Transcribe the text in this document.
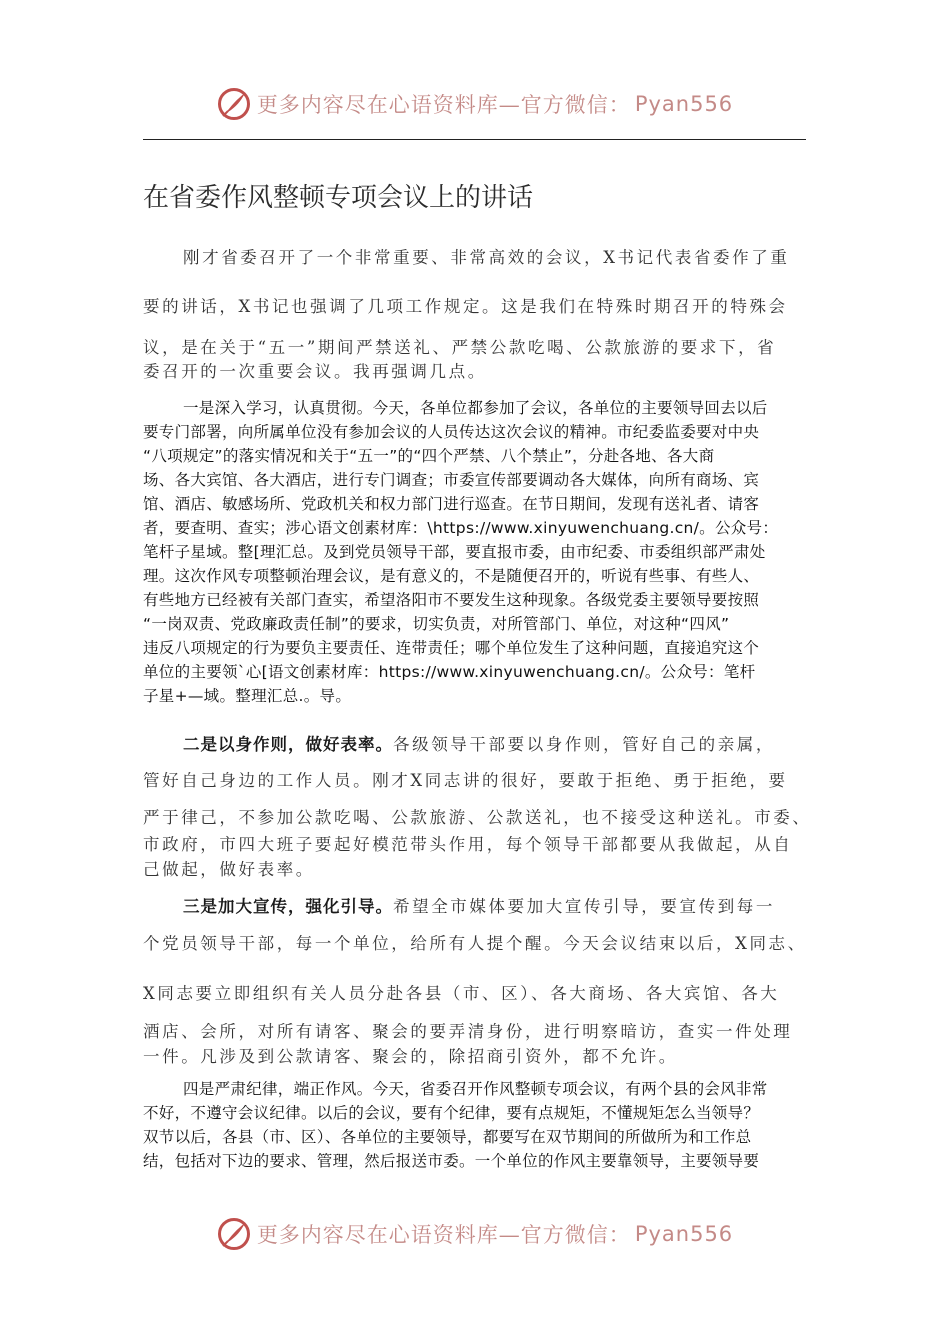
更多内容尽在心语资料库—官方微信： Pyan556
在省委作风整顿专项会议上的讲话
刚才省委召开了一个非常重要、非常高效的会议，X书记代表省委作了重
要的讲话，X书记也强调了几项工作规定。这是我们在特殊时期召开的特殊会
议，是在关于“五一”期间严禁送礼、严禁公款吃喝、公款旅游的要求下，省
委召开的一次重要会议。我再强调几点。
一是深入学习，认真贯彻。今天，各单位都参加了会议，各单位的主要领导回去以后
要专门部署，向所属单位没有参加会议的人员传达这次会议的精神。市纪委监委要对中央
“八项规定”的落实情况和关于“五一”的“四个严禁、八个禁止”，分赴各地、各大商
场、各大宾馆、各大酒店，进行专门调查；市委宣传部要调动各大媒体，向所有商场、宾
馆、酒店、敏感场所、党政机关和权力部门进行巡查。在节日期间，发现有送礼者、请客
者，要查明、查实；涉心语文创素材库：\https://www.xinyuwenchuang.cn/。公众号：
笔杆子星域。整[理汇总。及到党员领导干部，要直报市委，由市纪委、市委组织部严肃处
理。这次作风专项整顿治理会议，是有意义的，不是随便召开的，听说有些事、有些人、
有些地方已经被有关部门查实，希望洛阳市不要发生这种现象。各级党委主要领导要按照
“一岗双责、党政廉政责任制”的要求，切实负责，对所管部门、单位，对这种“四风”
违反八项规定的行为要负主要责任、连带责任；哪个单位发生了这种问题，直接追究这个
单位的主要领`心[语文创素材库：https://www.xinyuwenchuang.cn/。公众号：笔杆
子星+—域。整理汇总.。导。
二是以身作则，做好表率。各级领导干部要以身作则，管好自己的亲属，
管好自己身边的工作人员。刚才X同志讲的很好，要敢于拒绝、勇于拒绝，要
严于律己，不参加公款吃喝、公款旅游、公款送礼，也不接受这种送礼。市委、
市政府，市四大班子要起好模范带头作用，每个领导干部都要从我做起，从自
己做起，做好表率。
三是加大宣传，强化引导。希望全市媒体要加大宣传引导，要宣传到每一
个党员领导干部，每一个单位，给所有人提个醒。今天会议结束以后，X同志、
X同志要立即组织有关人员分赴各县（市、区）、各大商场、各大宾馆、各大
酒店、会所，对所有请客、聚会的要弄清身份，进行明察暗访，查实一件处理
一件。凡涉及到公款请客、聚会的，除招商引资外，都不允许。
四是严肃纪律，端正作风。今天，省委召开作风整顿专项会议，有两个县的会风非常
不好，不遵守会议纪律。以后的会议，要有个纪律，要有点规矩，不懂规矩怎么当领导？
双节以后，各县（市、区）、各单位的主要领导，都要写在双节期间的所做所为和工作总
结，包括对下边的要求、管理，然后报送市委。一个单位的作风主要靠领导，主要领导要
更多内容尽在心语资料库—官方微信： Pyan556
